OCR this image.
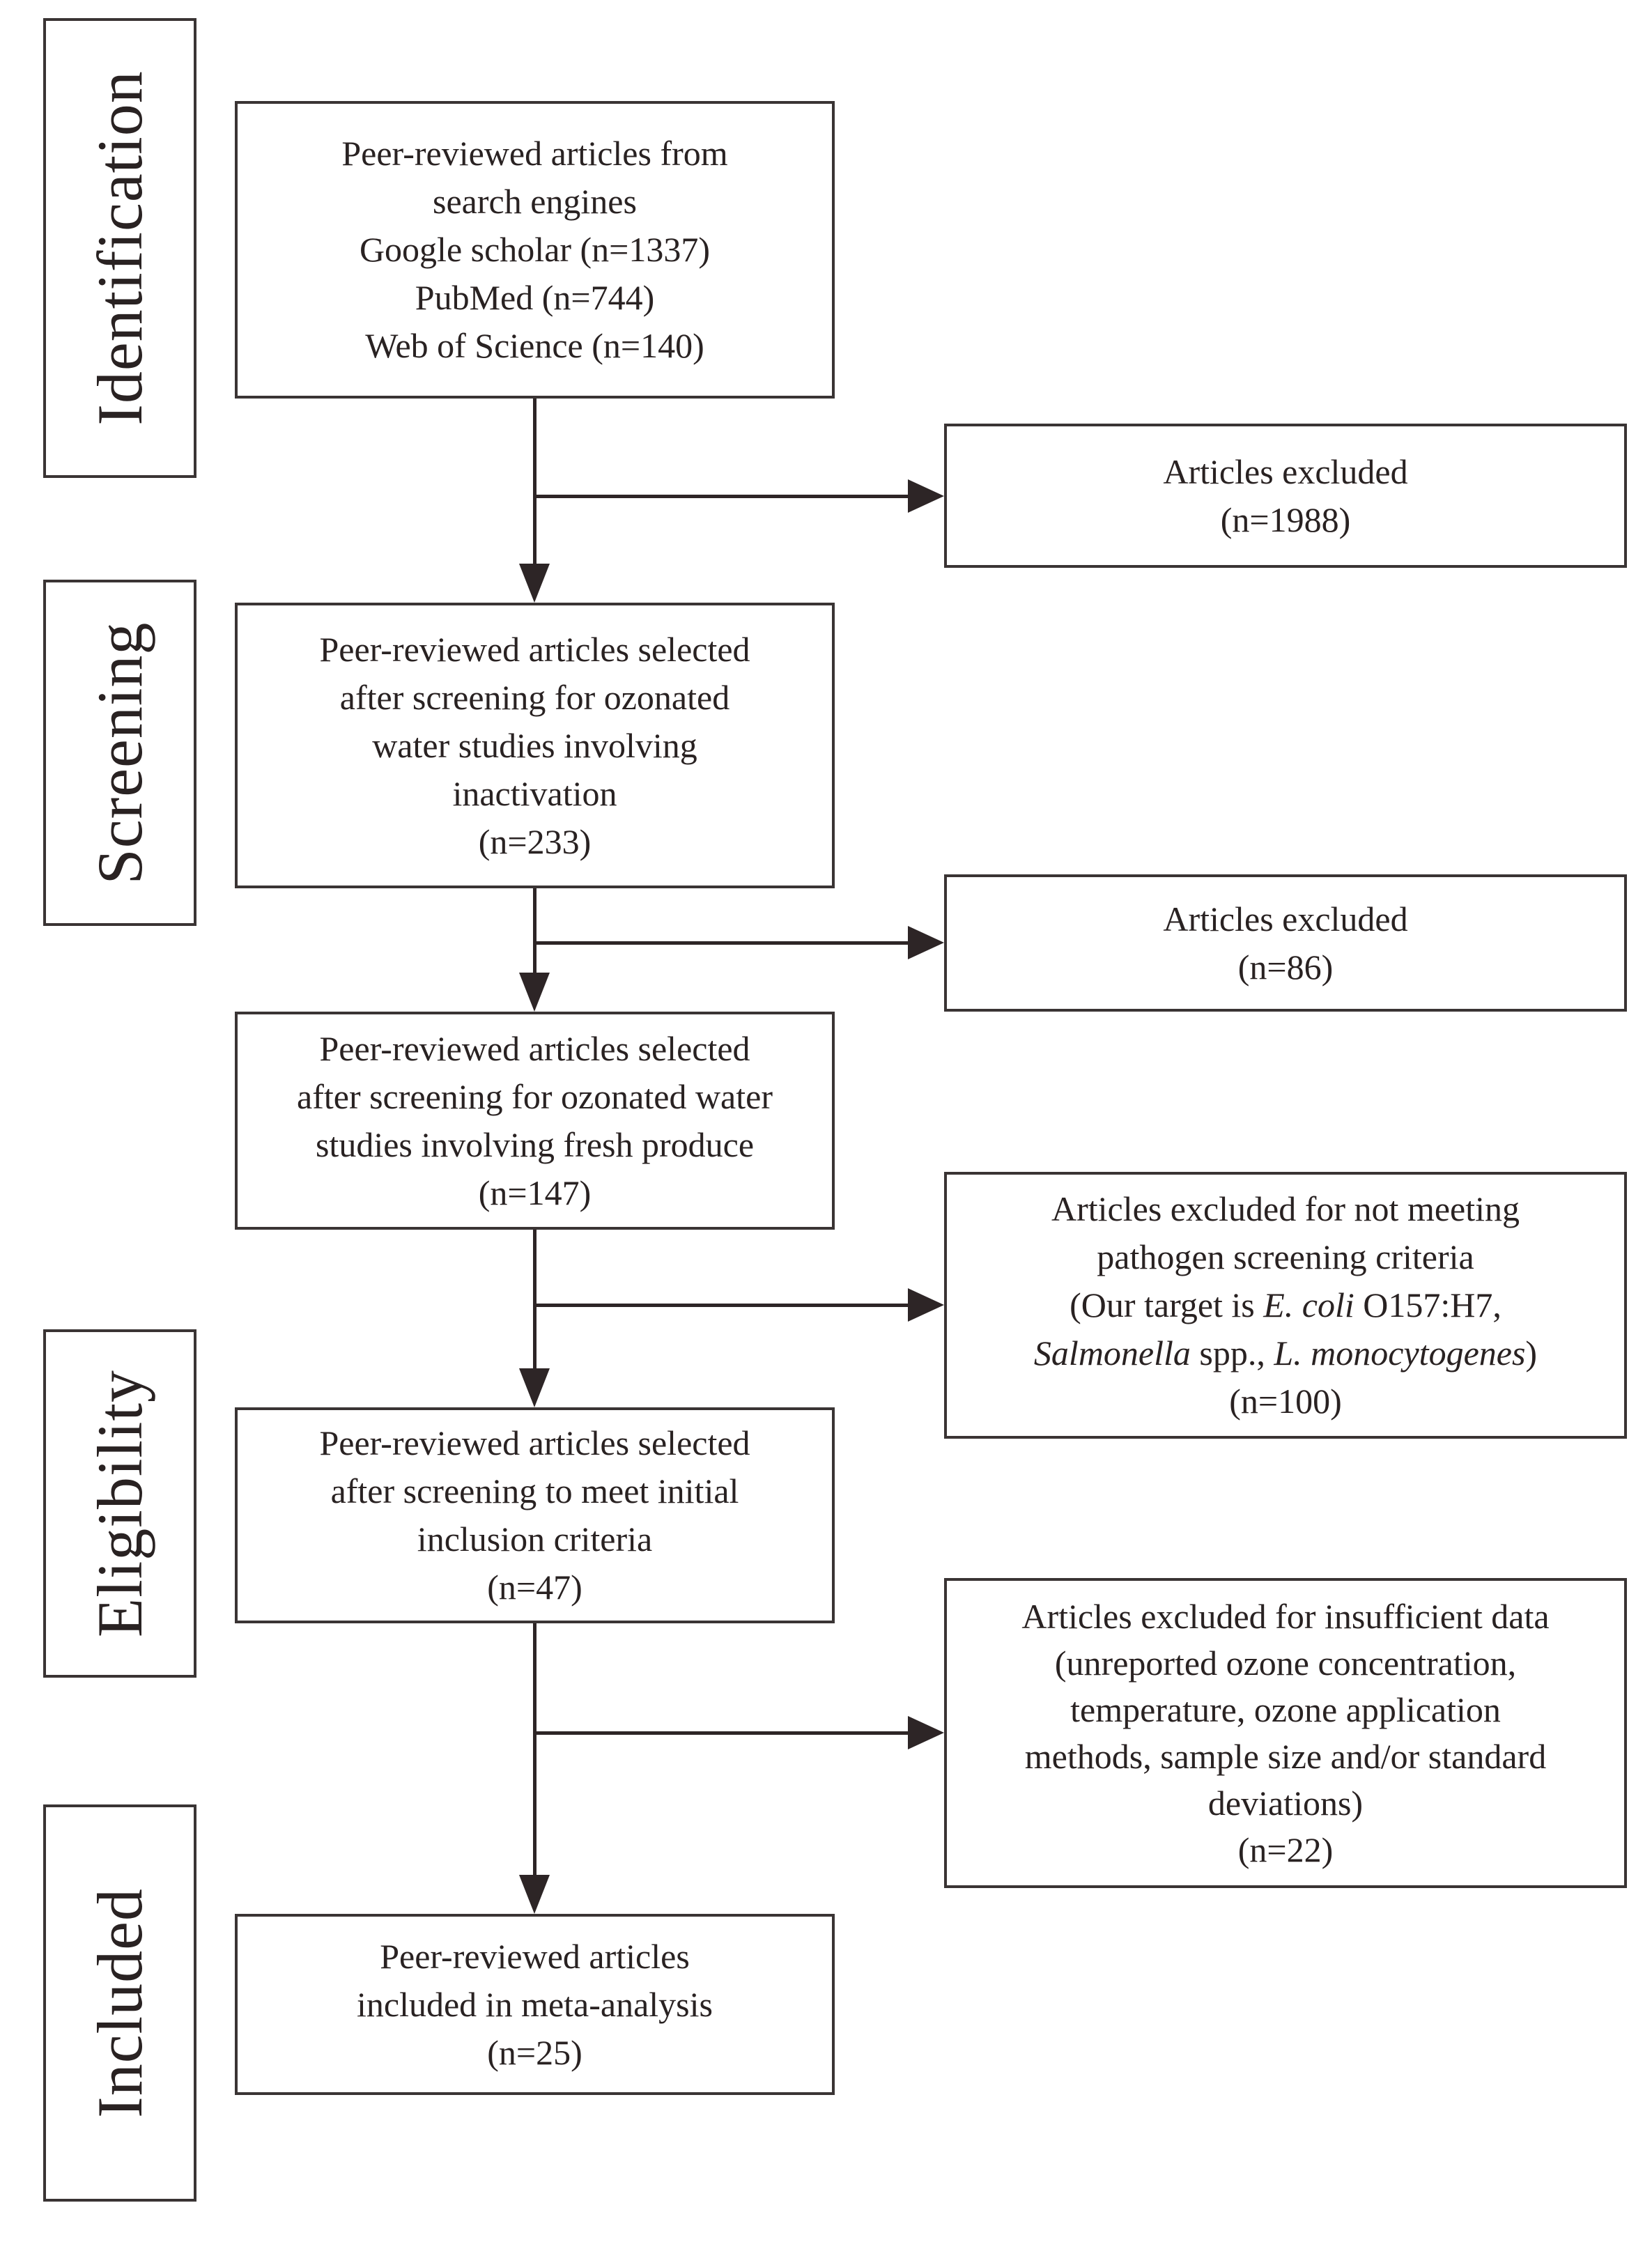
Identification
Screening
Eligibility
Included
Peer-reviewed articles from
search engines
Google scholar (n=1337)
PubMed (n=744)
Web of Science (n=140)
Peer-reviewed articles selected
after screening for ozonated
water studies involving
inactivation
(n=233)
Peer-reviewed articles selected
after screening for ozonated water
studies involving fresh produce
(n=147)
Peer-reviewed articles selected
after screening to meet initial
inclusion criteria
(n=47)
Peer-reviewed articles
included in meta-analysis
(n=25)
Articles excluded
(n=1988)
Articles excluded
(n=86)
Articles excluded for not meeting
pathogen screening criteria
(Our target is E. coli O157:H7,
Salmonella spp., L. monocytogenes)
(n=100)
Articles excluded for insufficient data
(unreported ozone concentration,
temperature, ozone application
methods, sample size and/or standard
deviations)
(n=22)
